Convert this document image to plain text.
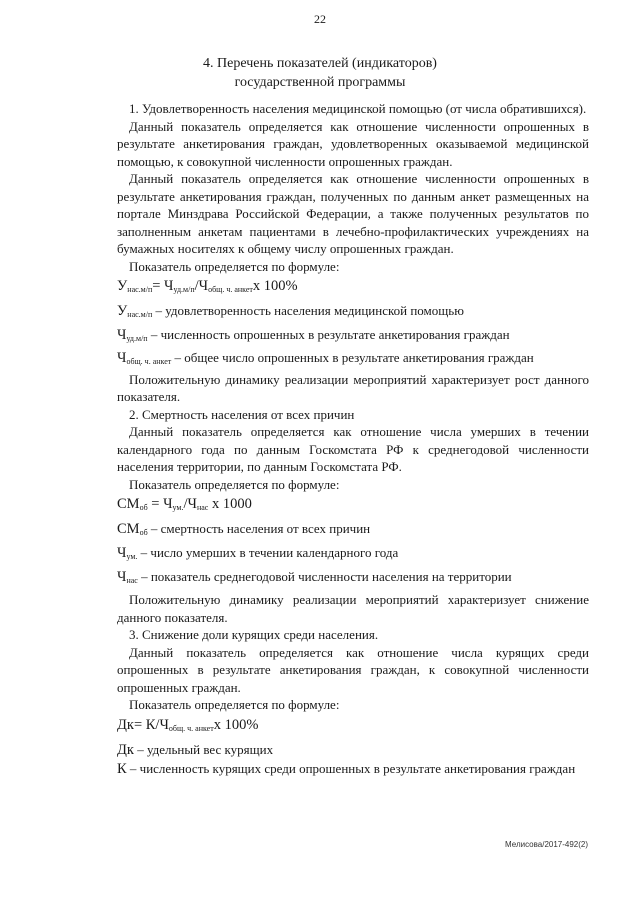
22
4. Перечень показателей (индикаторов)
государственной программы

1. Удовлетворенность населения медицинской помощью (от числа обратившихся).

Данный показатель определяется как отношение численности опрошенных в результате анкетирования граждан, удовлетворенных оказываемой медицинской помощью, к совокупной численности опрошенных граждан.

Данный показатель определяется как отношение численности опрошенных в результате анкетирования граждан, полученных по данным анкет размещенных на портале Минздрава Российской Федерации, а также полученных результатов по заполненным анкетам пациентами в лечебно-профилактических учреждениях на бумажных носителях к общему числу опрошенных граждан.

Показатель определяется по формуле:

$У_{нас.м/п}= Ч_{уд.м/п}/Ч_{общ. ч. анкет}х$ 100%
$У_{нас.м/п}$ – удовлетворенность населения медицинской помощью
$Ч_{уд.м/п}$ – численность опрошенных в результате анкетирования граждан
$Ч_{общ. ч. анкет}$ – общее число опрошенных в результате анкетирования граждан

Положительную динамику реализации мероприятий характеризует рост данного показателя.

2. Смертность населения от всех причин

Данный показатель определяется как отношение числа умерших в течении календарного года по данным Госкомстата РФ к среднегодовой численности населения территории, по данным Госкомстата РФ.

Показатель определяется по формуле:

$СМ_{об} = Ч_{ум.}/Ч_{нас}$ х 1000
$СМ_{об}$ – смертность населения от всех причин
$Ч_{ум.}$ – число умерших в течении календарного года
$Ч_{нас}$ – показатель среднегодовой численности населения на территории

Положительную динамику реализации мероприятий характеризует снижение данного показателя.

3. Снижение доли курящих среди населения.

Данный показатель определяется как отношение числа курящих среди опрошенных в результате анкетирования граждан, к совокупной численности опрошенных граждан.

Показатель определяется по формуле:

$Дк= К/Ч_{общ. ч. анкет}х$ 100%
Дк – удельный вес курящих
К – численность курящих среди опрошенных в результате анкетирования граждан
Мелисова/2017-492(2)
